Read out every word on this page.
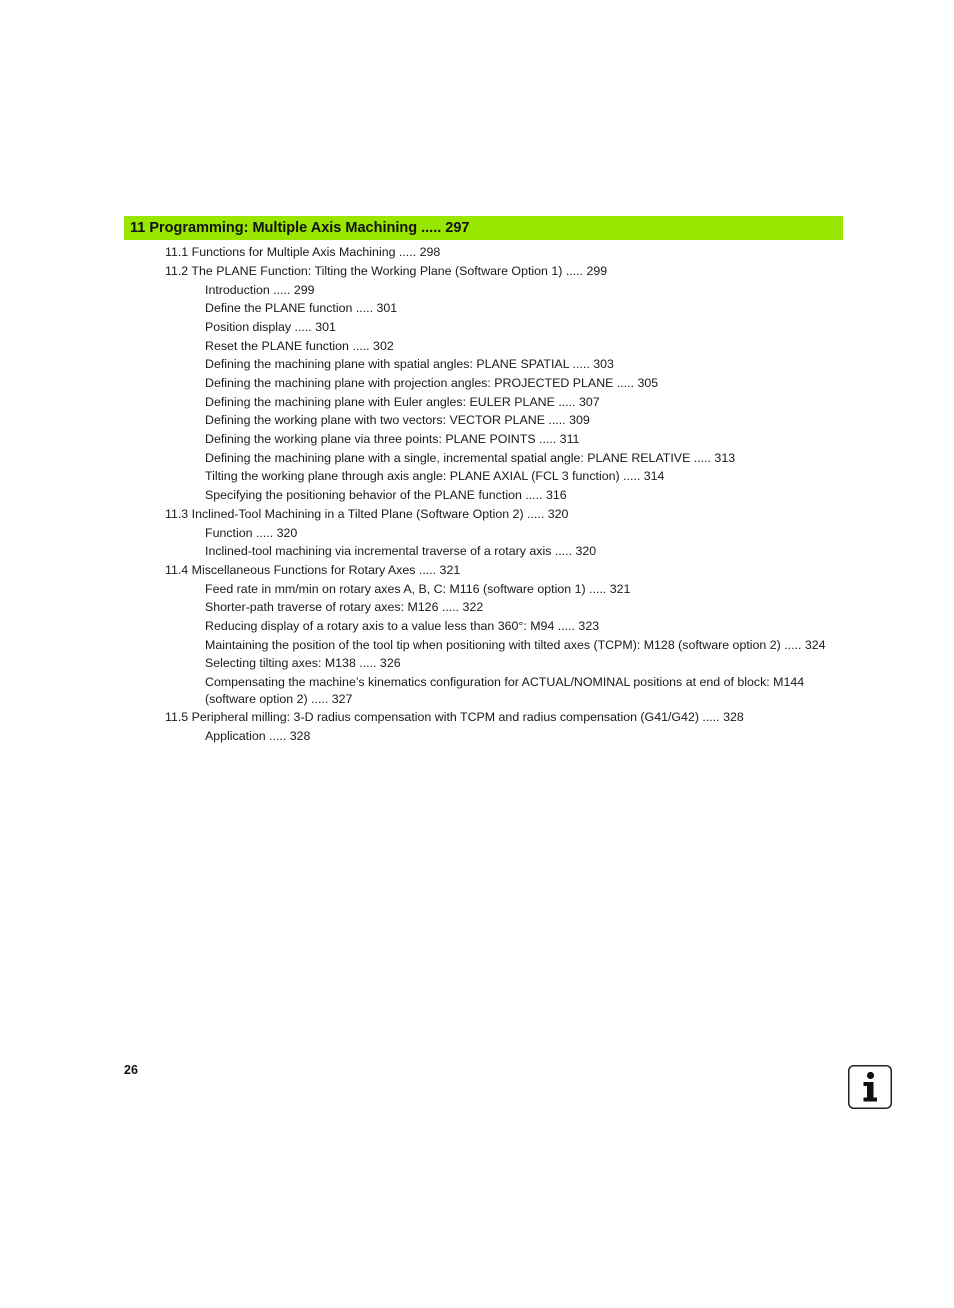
11 Programming: Multiple Axis Machining ..... 297
11.1 Functions for Multiple Axis Machining ..... 298
11.2 The PLANE Function: Tilting the Working Plane (Software Option 1) ..... 299
Introduction ..... 299
Define the PLANE function ..... 301
Position display ..... 301
Reset the PLANE function ..... 302
Defining the machining plane with spatial angles: PLANE SPATIAL ..... 303
Defining the machining plane with projection angles: PROJECTED PLANE ..... 305
Defining the machining plane with Euler angles: EULER PLANE ..... 307
Defining the working plane with two vectors: VECTOR PLANE ..... 309
Defining the working plane via three points: PLANE POINTS ..... 311
Defining the machining plane with a single, incremental spatial angle: PLANE RELATIVE ..... 313
Tilting the working plane through axis angle: PLANE AXIAL (FCL 3 function) ..... 314
Specifying the positioning behavior of the PLANE function ..... 316
11.3 Inclined-Tool Machining in a Tilted Plane (Software Option 2) ..... 320
Function ..... 320
Inclined-tool machining via incremental traverse of a rotary axis ..... 320
11.4 Miscellaneous Functions for Rotary Axes ..... 321
Feed rate in mm/min on rotary axes A, B, C: M116 (software option 1) ..... 321
Shorter-path traverse of rotary axes: M126 ..... 322
Reducing display of a rotary axis to a value less than 360°: M94 ..... 323
Maintaining the position of the tool tip when positioning with tilted axes (TCPM): M128 (software option 2) ..... 324
Selecting tilting axes: M138 ..... 326
Compensating the machine’s kinematics configuration for ACTUAL/NOMINAL positions at end of block: M144 (software option 2) ..... 327
11.5 Peripheral milling: 3-D radius compensation with TCPM and radius compensation (G41/G42) ..... 328
Application ..... 328
26
